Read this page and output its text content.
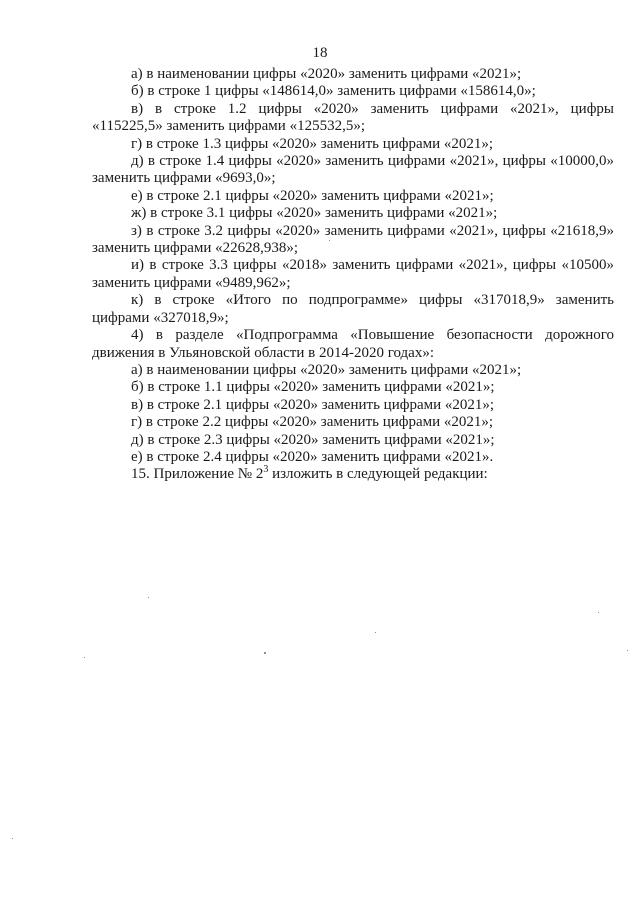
18

а) в наименовании цифры «2020» заменить цифрами «2021»;

б) в строке 1 цифры «148614,0» заменить цифрами «158614,0»;

в) в строке 1.2 цифры «2020» заменить цифрами «2021», цифры «115225,5» заменить цифрами «125532,5»;

г) в строке 1.3 цифры «2020» заменить цифрами «2021»;

д) в строке 1.4 цифры «2020» заменить цифрами «2021», цифры «10000,0» заменить цифрами «9693,0»;

е) в строке 2.1 цифры «2020» заменить цифрами «2021»;

ж) в строке 3.1 цифры «2020» заменить цифрами «2021»;

з) в строке 3.2 цифры «2020» заменить цифрами «2021», цифры «21618,9» заменить цифрами «22628,938»;

и) в строке 3.3 цифры «2018» заменить цифрами «2021», цифры «10500» заменить цифрами «9489,962»;

к) в строке «Итого по подпрограмме» цифры «317018,9» заменить цифрами «327018,9»;

4) в разделе «Подпрограмма «Повышение безопасности дорожного движения в Ульяновской области в 2014-2020 годах»:

а) в наименовании цифры «2020» заменить цифрами «2021»;

б) в строке 1.1 цифры «2020» заменить цифрами «2021»;

в) в строке 2.1 цифры «2020» заменить цифрами «2021»;

г) в строке 2.2 цифры «2020» заменить цифрами «2021»;

д) в строке 2.3 цифры «2020» заменить цифрами «2021»;

е) в строке 2.4 цифры «2020» заменить цифрами «2021».

15. Приложение № $2^3$ изложить в следующей редакции:
